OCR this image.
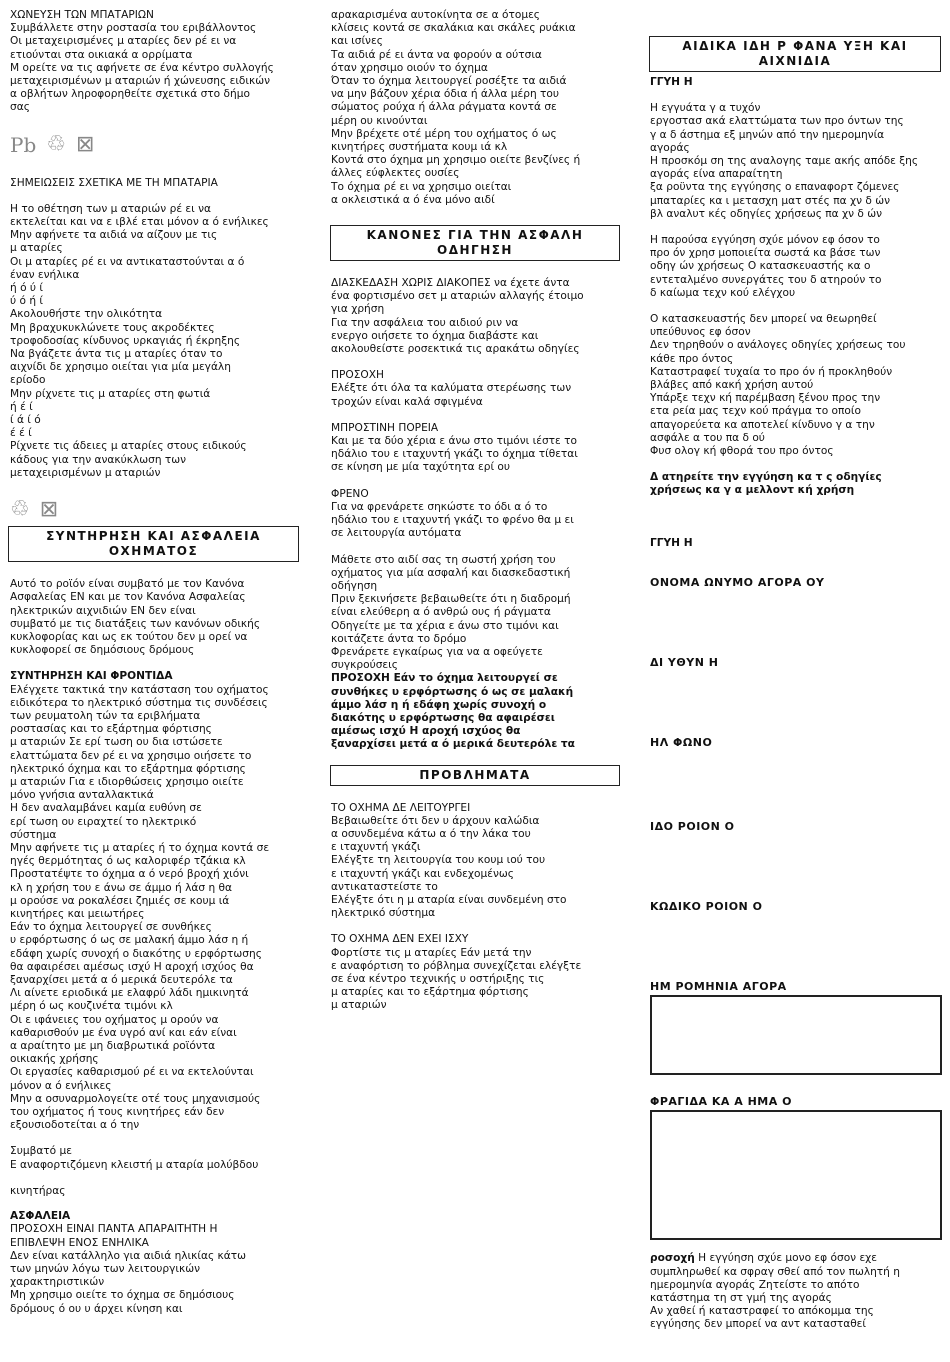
ΧΩΝΕΥΣΗ ΤΩΝ ΜΠΑΤΑΡΙΩΝ

Συμβάλλετε στην ροστασία του εριβάλλοντος
Οι μεταχειρισμένες μ αταρίες δεν ρέ ει να
ετιούνται στα οικιακά α ορρίματα
Μ ορείτε να τις αφήνετε σε ένα κέντρο συλλογής
μεταχειρισμένων μ αταριών ή χώνευσης ειδικών
α οβλήτων ληροφορηθείτε σχετικά στο δήμο
σας

Pb ♲ ⊠

ΣΗΜΕΙΩΣΕΙΣ ΣΧΕΤΙΚΑ ΜΕ ΤΗ ΜΠΑΤΑΡΙΑ

Η το οθέτηση των μ αταριών ρέ ει να
εκτελείται και να ε ιβλέ εται μόνον α ό ενήλικες
Μην αφήνετε τα αιδιά να αίζουν με τις
μ αταρίες
Οι μ αταρίες ρέ ει να αντικαταστούνται α ό
έναν ενήλικα
ή ό ύ ί
ύ ό ή ί
Ακολουθήστε την ολικότητα
Μη βραχυκυκλώνετε τους ακροδέκτες
τροφοδοσίας κίνδυνος υρκαγιάς ή έκρηξης
Να βγάζετε άντα τις μ αταρίες όταν το
αιχνίδι δε χρησιμο οιείται για μία μεγάλη
ερίοδο
Μην ρίχνετε τις μ αταρίες στη φωτιά
ή έ ί
ί ά ί ό
έ έ ί
Ρίχνετε τις άδειες μ αταρίες στους ειδικούς
κάδους για την ανακύκλωση των
μεταχειρισμένων μ αταριών

♲ ⊠

ΣΥΝΤΗΡΗΣΗ ΚΑΙ ΑΣΦΑΛΕΙΑ
ΟΧΗΜΑΤΟΣ

Αυτό το ροϊόν είναι συμβατό με τον Κανόνα
Ασφαλείας ΕΝ και με τον Κανόνα Ασφαλείας
ηλεκτρικών αιχνιδιών ΕΝ δεν είναι
συμβατό με τις διατάξεις των κανόνων οδικής
κυκλοφορίας και ως εκ τούτου δεν μ ορεί να
κυκλοφορεί σε δημόσιους δρόμους

ΣΥΝΤΗΡΗΣΗ ΚΑΙ ΦΡΟΝΤΙΔΑ

Ελέγχετε τακτικά την κατάσταση του οχήματος
ειδικότερα το ηλεκτρικό σύστημα τις συνδέσεις
των ρευματολη τών τα εριβλήματα
ροστασίας και το εξάρτημα φόρτισης
μ αταριών Σε ερί τωση ου δια ιστώσετε
ελαττώματα δεν ρέ ει να χρησιμο οιήσετε το
ηλεκτρικό όχημα και το εξάρτημα φόρτισης
μ αταριών Για ε ιδιορθώσεις χρησιμο οιείτε
μόνο γνήσια ανταλλακτικά
Η δεν αναλαμβάνει καμία ευθύνη σε
ερί τωση ου ειραχτεί το ηλεκτρικό
σύστημα
Μην αφήνετε τις μ αταρίες ή το όχημα κοντά σε
ηγές θερμότητας ό ως καλοριφέρ τζάκια κλ
Προστατέψτε το όχημα α ό νερό βροχή χιόνι
κλ η χρήση του ε άνω σε άμμο ή λάσ η θα
μ ορούσε να ροκαλέσει ζημιές σε κουμ ιά
κινητήρες και μειωτήρες
Εάν το όχημα λειτουργεί σε συνθήκες
υ ερφόρτωσης ό ως σε μαλακή άμμο λάσ η ή
εδάφη χωρίς συνοχή ο διακότης υ ερφόρτωσης
θα αφαιρέσει αμέσως ισχύ Η αροχή ισχύος θα
ξαναρχίσει μετά α ό μερικά δευτερόλε τα
Λι αίνετε εριοδικά με ελαφρύ λάδι ημικινητά
μέρη ό ως κουζινέτα τιμόνι κλ
Οι ε ιφάνειες του οχήματος μ ορούν να
καθαρισθούν με ένα υγρό ανί και εάν είναι
α αραίτητο με μη διαβρωτικά ροϊόντα
οικιακής χρήσης
Οι εργασίες καθαρισμού ρέ ει να εκτελούνται
μόνον α ό ενήλικες
Μην α οσυναρμολογείτε οτέ τους μηχανισμούς
του οχήματος ή τους κινητήρες εάν δεν
εξουσιοδοτείται α ό την

Συμβατό με
Ε αναφορτιζόμενη κλειστή μ αταρία μολύβδου

κινητήρας

ΑΣΦΑΛΕΙΑ

ΠΡΟΣΟΧΗ ΕΙΝΑΙ ΠΑΝΤΑ ΑΠΑΡΑΙΤΗΤΗ Η
ΕΠΙΒΛΕΨΗ ΕΝΟΣ ΕΝΗΛΙΚΑ
Δεν είναι κατάλληλο για αιδιά ηλικίας κάτω
των μηνών λόγω των λειτουργικών
χαρακτηριστικών
Μη χρησιμο οιείτε το όχημα σε δημόσιους
δρόμους ό ου υ άρχει κίνηση και

αρακαρισμένα αυτοκίνητα σε α ότομες
κλίσεις κοντά σε σκαλάκια και σκάλες ρυάκια
και ισίνες
Τα αιδιά ρέ ει άντα να φορούν α ούτσια
όταν χρησιμο οιούν το όχημα
Όταν το όχημα λειτουργεί ροσέξτε τα αιδιά
να μην βάζουν χέρια όδια ή άλλα μέρη του
σώματος ρούχα ή άλλα ράγματα κοντά σε
μέρη ου κινούνται
Μην βρέχετε οτέ μέρη του οχήματος ό ως
κινητήρες συστήματα κουμ ιά κλ
Κοντά στο όχημα μη χρησιμο οιείτε βενζίνες ή
άλλες εύφλεκτες ουσίες
Το όχημα ρέ ει να χρησιμο οιείται
α οκλειστικά α ό ένα μόνο αιδί

ΚΑΝΟΝΕΣ ΓΙΑ ΤΗΝ ΑΣΦΑΛΗ
ΟΔΗΓΗΣΗ

ΔΙΑΣΚΕΔΑΣΗ ΧΩΡΙΣ ΔΙΑΚΟΠΕΣ να έχετε άντα
ένα φορτισμένο σετ μ αταριών αλλαγής έτοιμο
για χρήση
Για την ασφάλεια του αιδιού ριν να
ενεργο οιήσετε το όχημα διαβάστε και
ακολουθείστε ροσεκτικά τις αρακάτω οδηγίες

ΠΡΟΣΟΧΗ

Ελέξτε ότι όλα τα καλύματα στερέωσης των
τροχών είναι καλά σφιγμένα

ΜΠΡΟΣΤΙΝΗ ΠΟΡΕΙΑ

Και με τα δύο χέρια ε άνω στο τιμόνι ιέστε το
ηδάλιο του ε ιταχυντή γκάζι το όχημα τίθεται
σε κίνηση με μία ταχύτητα ερί ου

ΦΡΕΝΟ

Για να φρενάρετε σηκώστε το όδι α ό το
ηδάλιο του ε ιταχυντή γκάζι το φρένο θα μ ει
σε λειτουργία αυτόματα

Μάθετε στο αιδί σας τη σωστή χρήση του
οχήματος για μία ασφαλή και διασκεδαστική
οδήγηση
Πριν ξεκινήσετε βεβαιωθείτε ότι η διαδρομή
είναι ελεύθερη α ό ανθρώ ους ή ράγματα
Οδηγείτε με τα χέρια ε άνω στο τιμόνι και
κοιτάζετε άντα το δρόμο
Φρενάρετε εγκαίρως για να α οφεύγετε
συγκρούσεις

ΠΡΟΣΟΧΗ Εάν το όχημα λειτουργεί σε
συνθήκες υ ερφόρτωσης ό ως σε μαλακή
άμμο λάσ η ή εδάφη χωρίς συνοχή ο
διακότης υ ερφόρτωσης θα αφαιρέσει
αμέσως ισχύ Η αροχή ισχύος θα
ξαναρχίσει μετά α ό μερικά δευτερόλε τα

ΠΡΟΒΛΗΜΑΤΑ

ΤΟ ΟΧΗΜΑ ΔΕ ΛΕΙΤΟΥΡΓΕΙ

Βεβαιωθείτε ότι δεν υ άρχουν καλώδια
α οσυνδεμένα κάτω α ό την λάκα του
ε ιταχυντή γκάζι
Ελέγξτε τη λειτουργία του κουμ ιού του
ε ιταχυντή γκάζι και ενδεχομένως
αντικαταστείστε το
Ελέγξτε ότι η μ αταρία είναι συνδεμένη στο
ηλεκτρικό σύστημα

ΤΟ ΟΧΗΜΑ ΔΕΝ ΕΧΕΙ ΙΣΧΥ

Φορτίστε τις μ αταρίες Εάν μετά την
ε αναφόρτιση το ρόβλημα συνεχίζεται ελέγξτε
σε ένα κέντρο τεχνικής υ οστήριξης τις
μ αταρίες και το εξάρτημα φόρτισης
μ αταριών

ΑΙΔΙΚΑ ΙΔΗ Ρ ΦΑΝΑ ΥΞΗ ΚΑΙ
ΑΙΧΝΙΔΙΑ

ΓΓΥΗ Η

Η εγγυάτα γ α τυχόν
εργοστασ ακά ελαττώματα των προ όντων της
γ α δ άστημα εξ μηνών από την ημερομηνία
αγοράς
Η προσκόμ ση της αναλογης ταμε ακής απόδε ξης
αγοράς είνα απαραίτητη
ξα ροϋντα της εγγύησης ο επαναφορτ ζόμενες
μπαταρίες κα ι μετασχη ματ στές πα χν δ ών
βλ αναλυτ κές οδηγίες χρήσεως πα χν δ ών

Η παρούσα εγγύηση σχύε μόνον εφ όσον το
προ όν χρησ μοποιείτα σωστά κα βάσε των
οδηγ ών χρήσεως Ο κατασκευαστής κα ο
εντεταλμένο συνεργάτες του δ ατηρούν το
δ καίωμα τεχν κού ελέγχου

Ο κατασκευαστής δεν μπορεί να θεωρηθεί
υπεύθυνος εφ όσον
Δεν τηρηθούν ο ανάλογες οδηγίες χρήσεως του
κάθε προ όντος
Καταστραφεί τυχαία το προ όν ή προκληθούν
βλάβες από κακή χρήση αυτού
Υπάρξε τεχν κή παρέμβαση ξένου προς την
ετα ρεία μας τεχν κού πράγμα το οποίο
απαγορεύετα κα αποτελεί κίνδυνο γ α την
ασφάλε α του πα δ ού
Φυσ ολογ κή φθορά του προ όντος

Δ ατηρείτε την εγγύηση κα τ ς οδηγίες
χρήσεως κα γ α μελλοντ κή χρήση

ΓΓΥΗ Η

ΟΝΟΜΑ ΩΝΥΜΟ ΑΓΟΡΑ ΟΥ

ΔΙ ΥΘΥΝ Η

ΗΛ ΦΩΝΟ

ΙΔΟ ΡΟΙΟΝ Ο

ΚΩΔΙΚΟ ΡΟΙΟΝ Ο

ΗΜ ΡΟΜΗΝΙΑ ΑΓΟΡΑ

ΦΡΑΓΙΔΑ ΚΑ Α ΗΜΑ Ο

ροσοχή Η εγγύηση σχύε μονο εφ όσον εχε
συμπληρωθεί κα σφραγ σθεί από τον πωλητή η
ημερομηνία αγοράς Ζητείστε το απότο
κατάστημα τη στ γμή της αγοράς
Αν χαθεί ή καταστραφεί το απόκομμα της
εγγύησης δεν μπορεί να αντ κατασταθεί
